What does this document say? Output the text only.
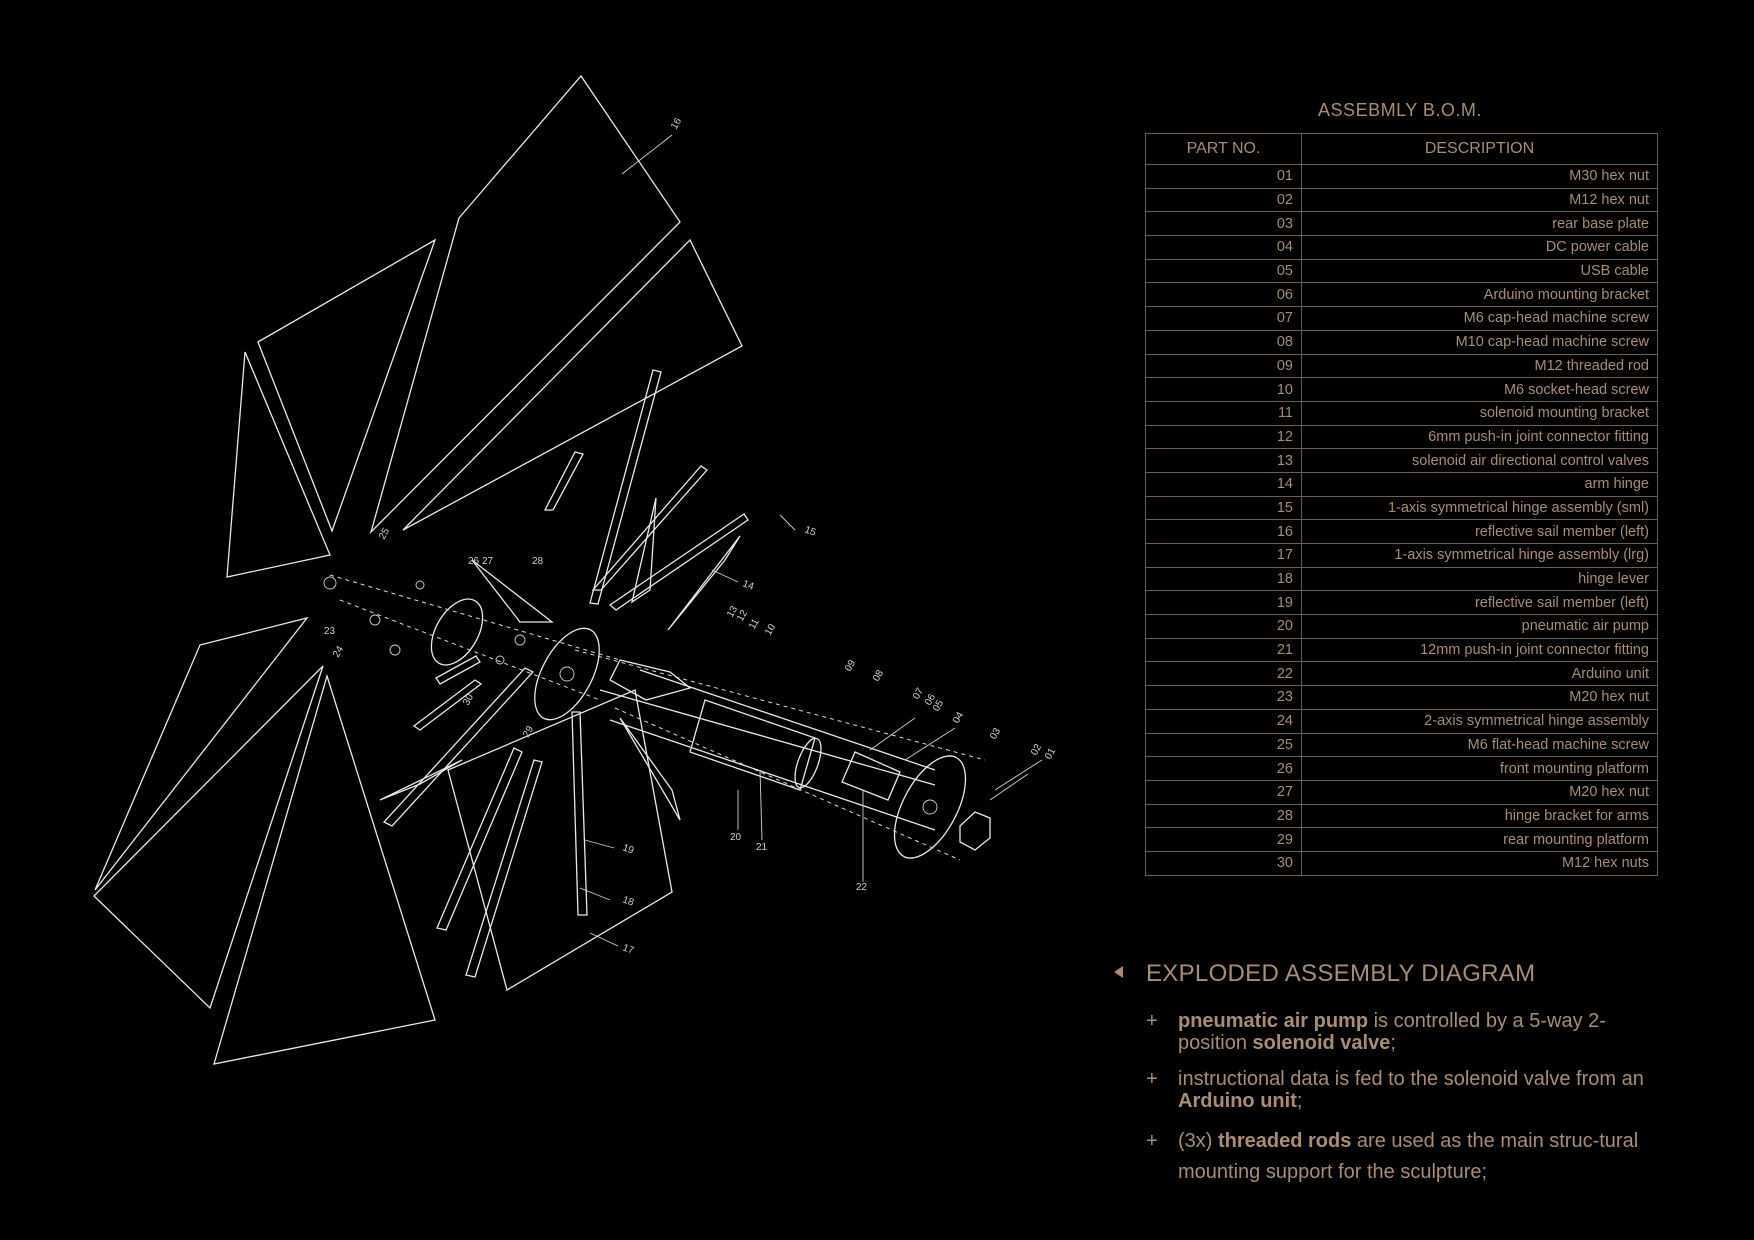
01
02
03
04
05
06
07
08
09
10
11
12
13
14
15
16
17
18
19
20
21
22
23
24
25
26 27	28
29
30
ASSEBMLY B.O.M.
PART NO.	DESCRIPTION
01	M30 hex nut
02	M12 hex nut
03	rear base plate
04	DC power cable
05	USB cable
06	Arduino mounting bracket
07	M6 cap-head machine screw
08	M10 cap-head machine screw
09	M12 threaded rod
10	M6 socket-head screw
11	solenoid mounting bracket
12	6mm push-in joint connector fitting
13	solenoid air directional control valves
14	arm hinge
15	1-axis symmetrical hinge assembly (sml)
16	reflective sail member (left)
17	1-axis symmetrical hinge assembly (lrg)
18	hinge lever
19	reflective sail member (left)
20	pneumatic air pump
21	12mm push-in joint connector fitting
22	Arduino unit
23	M20 hex nut
24	2-axis symmetrical hinge assembly
25	M6 flat-head machine screw
26	front mounting platform
27	M20 hex nut
28	hinge bracket for arms
29	rear mounting platform
30	M12 hex nuts
EXPLODED ASSEMBLY DIAGRAM
+ pneumatic air pump is controlled by a 5-way 2-position solenoid valve;
+ instructional data is fed to the solenoid valve from an Arduino unit;
+ (3x) threaded rods are used as the main struc-tural mounting support for the sculpture;
